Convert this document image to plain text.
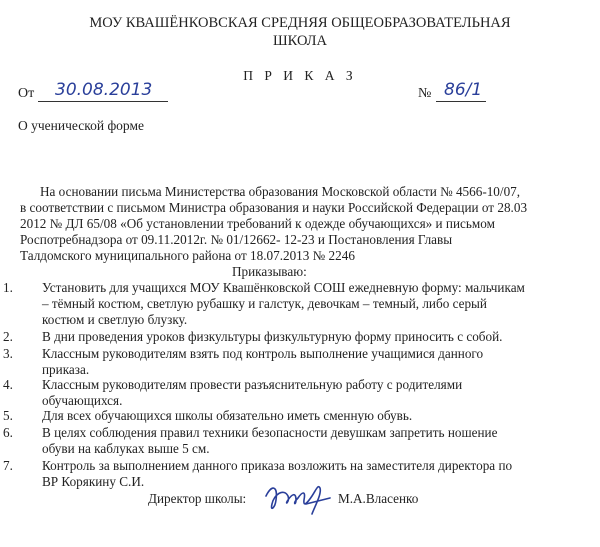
МОУ КВАШЁНКОВСКАЯ СРЕДНЯЯ ОБЩЕОБРАЗОВАТЕЛЬНАЯ
ШКОЛА
П Р И К А З
От 30.08.2013	№ 86/1
О ученической форме
На основании письма Министерства образования Московской области № 4566-10/07,
в соответствии с письмом Министра образования и науки Российской Федерации от 28.03
2012 № ДЛ 65/08 «Об установлении требований к одежде обучающихся» и письмом
Роспотребнадзора от 09.11.2012г. № 01/12662- 12-23 и Постановления Главы
Талдомского муниципального района от 18.07.2013 № 2246
Приказываю:
1.	Установить для учащихся МОУ Квашёнковской СОШ ежедневную форму: мальчикам
– тёмный костюм, светлую рубашку и галстук, девочкам – темный, либо серый
костюм и светлую блузку.
2.	В дни проведения уроков физкультуры физкультурную форму приносить с собой.
3.	Классным руководителям взять под контроль выполнение учащимися данного
приказа.
4.	Классным руководителям провести разъяснительную работу с родителями
обучающихся.
5.	Для всех обучающихся школы обязательно иметь сменную обувь.
6.	В целях соблюдения правил техники безопасности девушкам запретить ношение
обуви на каблуках выше 5 см.
7.	Контроль за выполнением данного приказа возложить на заместителя директора по
ВР Корякину С.И.
Директор школы:	М.А.Власенко
